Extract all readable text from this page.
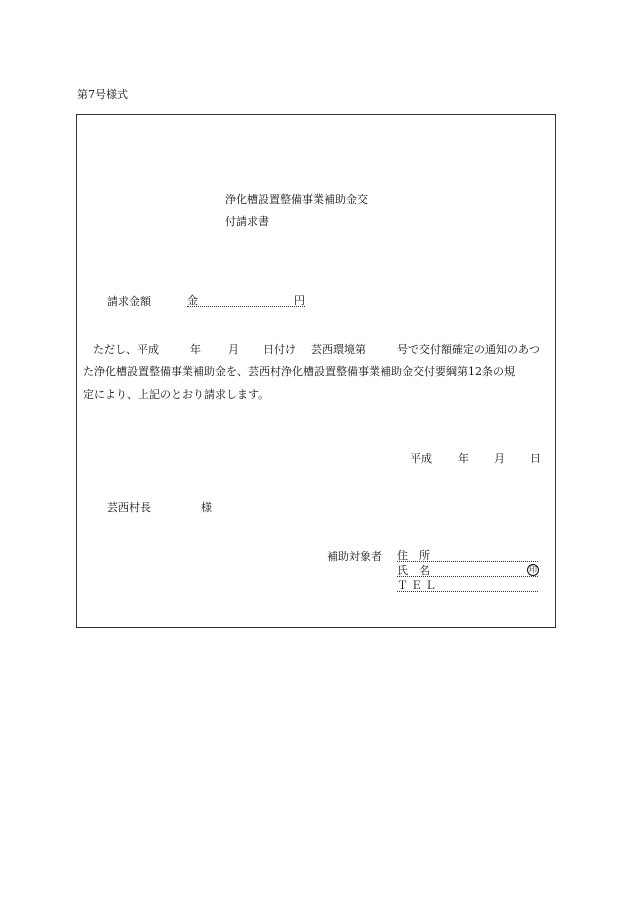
第7号様式
浄化槽設置整備事業補助金交
付請求書
請求金額	金	円
ただし、平成	年 月 日付け 芸西環境第	号で交付額確定の通知のあつ
た浄化槽設置整備事業補助金を、芸西村浄化槽設置整備事業補助金交付要綱第12条の規
定により、上記のとおり請求します。
平成 年 月 日
芸西村長	様
補助対象者 住　所
氏　名	印
ＴＥＬ
